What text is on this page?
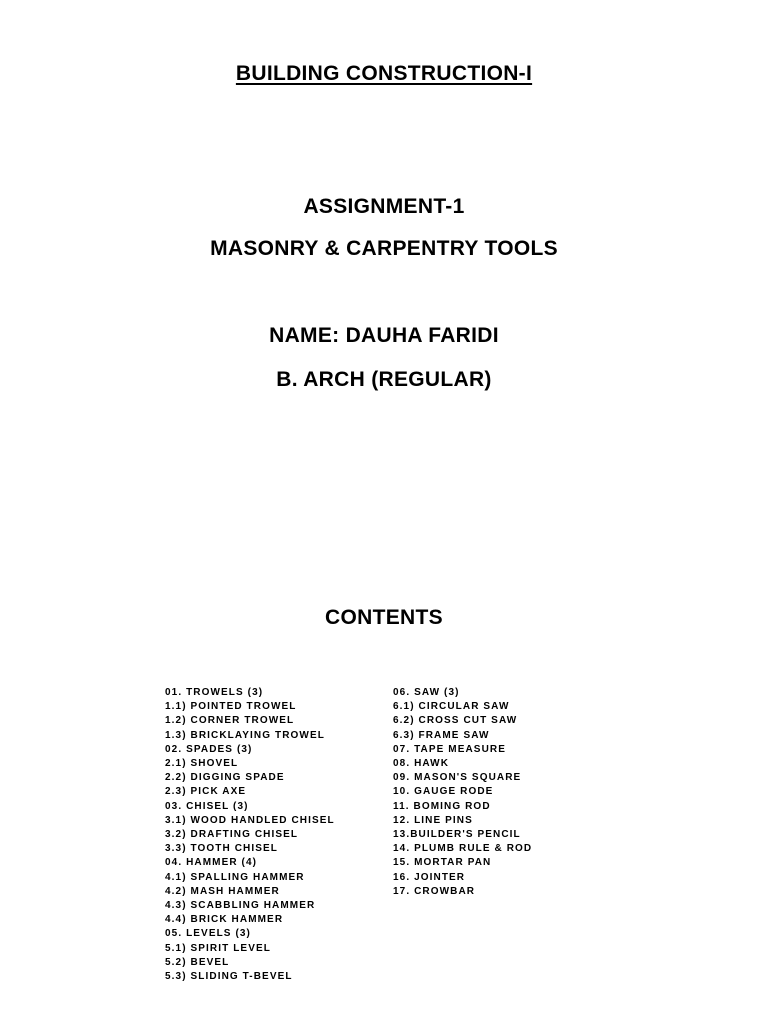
BUILDING CONSTRUCTION-I
ASSIGNMENT-1
MASONRY & CARPENTRY TOOLS
NAME: DAUHA FARIDI
B. ARCH (REGULAR)
CONTENTS
01. TROWELS (3)
1.1) POINTED TROWEL
1.2) CORNER TROWEL
1.3) BRICKLAYING TROWEL
02. SPADES (3)
2.1) SHOVEL
2.2) DIGGING SPADE
2.3) PICK AXE
03. CHISEL (3)
3.1) WOOD HANDLED CHISEL
3.2) DRAFTING CHISEL
3.3) TOOTH CHISEL
04. HAMMER (4)
4.1) SPALLING HAMMER
4.2) MASH HAMMER
4.3) SCABBLING HAMMER
4.4) BRICK HAMMER
05. LEVELS (3)
5.1) SPIRIT LEVEL
5.2) BEVEL
5.3) SLIDING T-BEVEL
06. SAW (3)
6.1) CIRCULAR SAW
6.2) CROSS CUT SAW
6.3) FRAME SAW
07. TAPE MEASURE
08. HAWK
09. MASON'S SQUARE
10. GAUGE RODE
11. BOMING ROD
12. LINE PINS
13.BUILDER'S PENCIL
14. PLUMB RULE & ROD
15. MORTAR PAN
16. JOINTER
17. CROWBAR
